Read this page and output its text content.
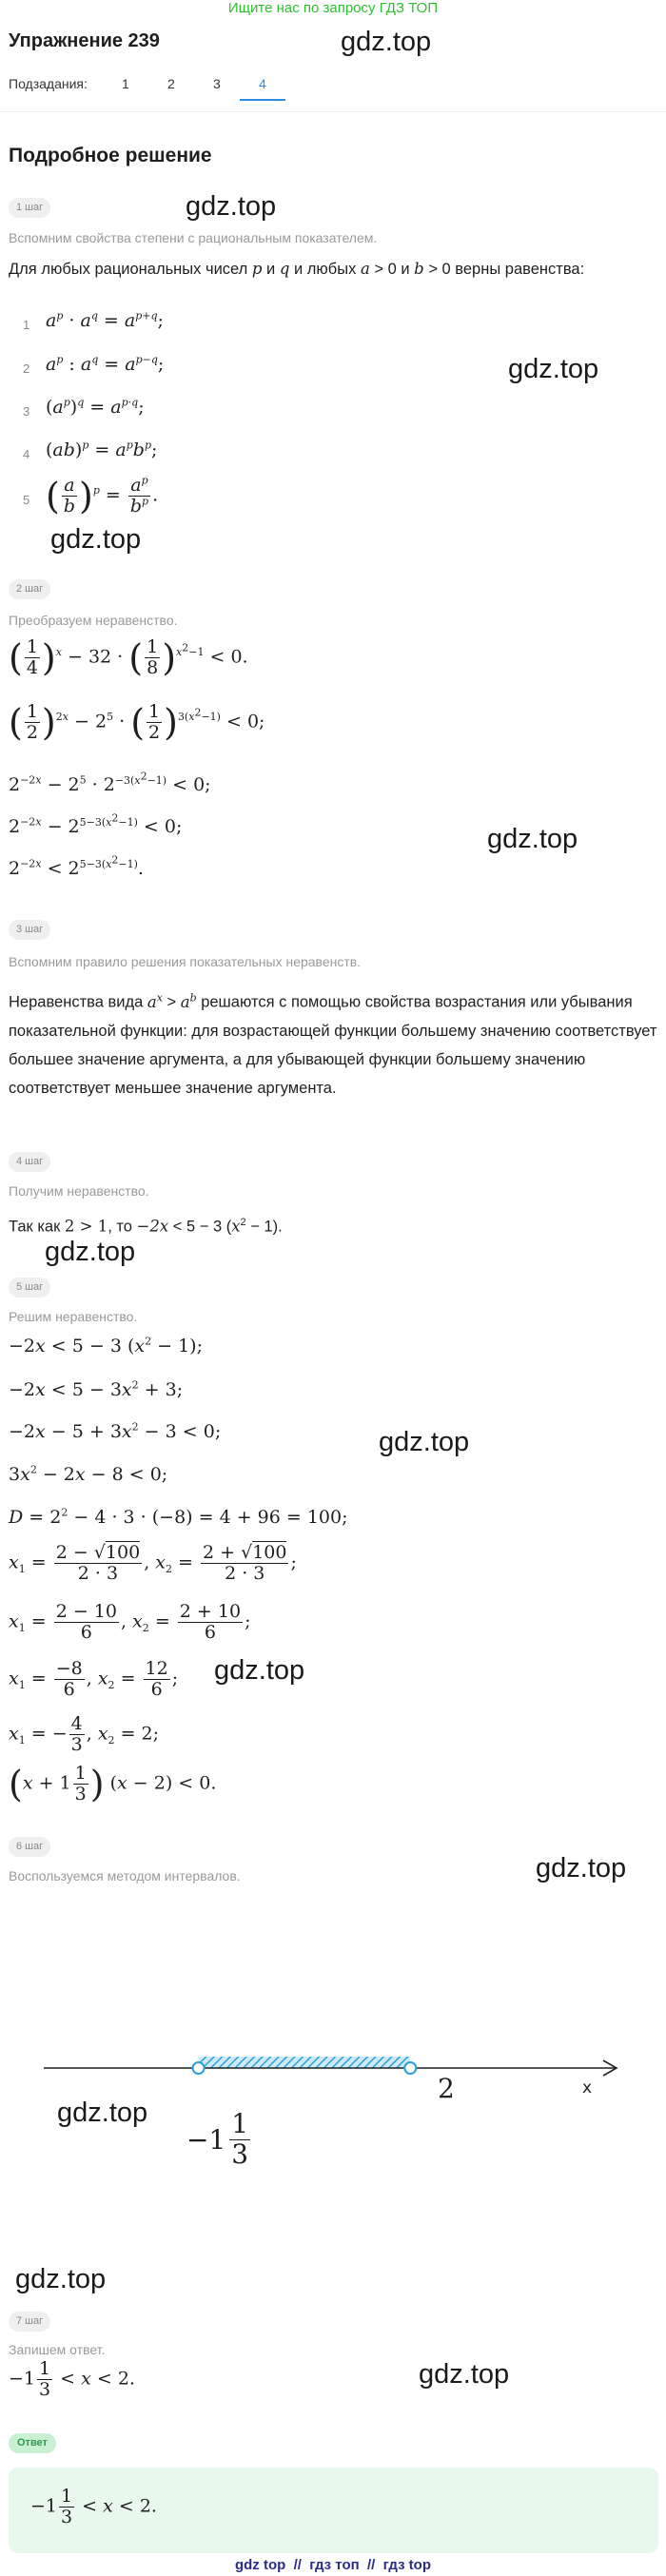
Ищите нас по запросу ГДЗ ТОП
Упражнение 239	gdz.top
Подзадания:	1	2	3	4
Подробное решение
1 шаг	gdz.top
Вспомним свойства степени с рациональным показателем.
Для любых рациональных чисел p и q и любых a > 0 и b > 0 верны равенства:
1 $a^p \cdot a^q = a^{p+q}$;
2 $a^p$ : $a^q = a^{p-q}$;	gdz.top
3 $(a^p)^q = a^{p\cdot q}$;
4 $(ab)^p = a^pb^p$;
5 ( $\frac{a}{b} )^p = \frac{a^p}{b^p}$ .
gdz.top
2 шаг
Преобразуем неравенство.
( $\frac{1}{4} )^x - 32$ · ( $\frac{1}{8} )^{x^2-1} < 0$.
( $\frac{1}{2} )^{2x} - 2^5$ · ( $\frac{1}{2} )^{3(x^2-1)} < 0$;
$2^{-2x} - 2^5 \cdot 2^{-3(x^2-1)} < 0$;
$2^{-2x} - 2^{5-3(x^2-1)} < 0$;	gdz.top
$2^{-2x} < 2^{5-3(x^2-1)}$.
3 шаг
Вспомним правило решения показательных неравенств.
Неравенства вида $a^x > a^b$ решаются с помощью свойства возрастания или убывания показательной функции: для возрастающей функции большему значению соответствует большее значение аргумента, а для убывающей функции большему значению соответствует меньшее значение аргумента.
4 шаг
Получим неравенство.
Так как 2 > 1, то −2x < 5 − 3 $(x^2 - 1)$.
gdz.top
5 шаг
Решим неравенство.
−2x < 5 − 3 $(x^2 - 1)$;
$-2x < 5 - 3x^2 + 3$;
$-2x - 5 + 3x^2 - 3 < 0$;	gdz.top
$3x^2 - 2x - 8 < 0$;
$D = 2^2 - 4 \cdot 3 \cdot (-8) = 4 + 96 = 100$;
$x_1 = \frac{2 - √100}{2 \cdot 3}$ , $x_2 = \frac{2 + √100}{2 \cdot 3}$ ;
$x_1 = \frac{2 - 10}{6}$ , $x_2 = \frac{2 + 10}{6}$ ;
$x_1 = \frac{-8}{6}$ , $x_2 = \frac{12}{6}$ ; gdz.top
$x_1$ = − $\frac{4}{3}$ , $x_2 = 2$;
($x + 1 \frac{1}{3}$ ) (x − 2) < 0.
6 шаг
gdz.top
Воспользуемся методом интервалов.
$-1 \frac{1}{3}$
2	x
gdz.top
gdz.top
7 шаг
Запишем ответ.
gdz.top
$-1 \frac{1}{3} < x < 2$.
Ответ
$-1 \frac{1}{3} < x < 2$.
gdz top  //  гдз топ  //  гдз top
